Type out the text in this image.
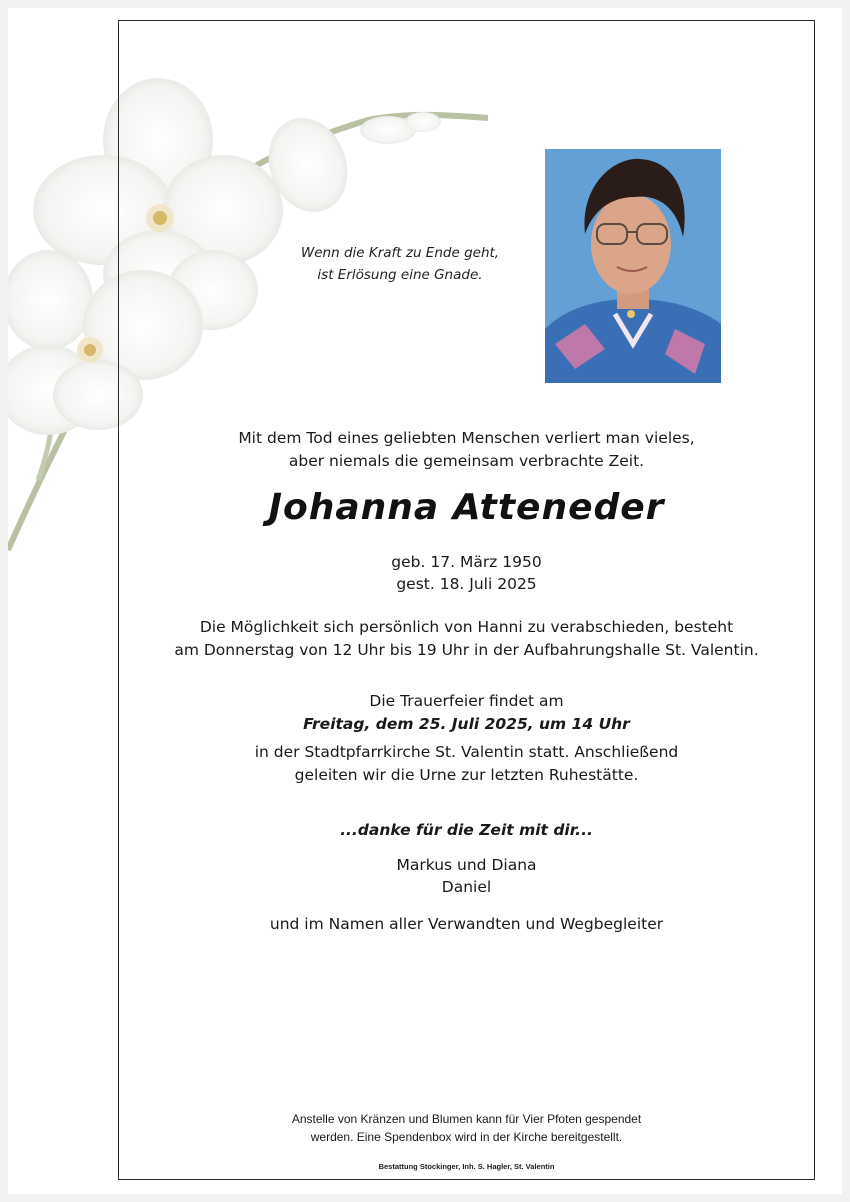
Wenn die Kraft zu Ende geht,
ist Erlösung eine Gnade.
Mit dem Tod eines geliebten Menschen verliert man vieles,
aber niemals die gemeinsam verbrachte Zeit.
Johanna Atteneder
geb. 17. März 1950
gest. 18. Juli 2025
Die Möglichkeit sich persönlich von Hanni zu verabschieden, besteht
am Donnerstag von 12 Uhr bis 19 Uhr in der Aufbahrungshalle St. Valentin.
Die Trauerfeier findet am
Freitag, dem 25. Juli 2025, um 14 Uhr
in der Stadtpfarrkirche St. Valentin statt. Anschließend
geleiten wir die Urne zur letzten Ruhestätte.
...danke für die Zeit mit dir...
Markus und Diana
Daniel
und im Namen aller Verwandten und Wegbegleiter
Anstelle von Kränzen und Blumen kann für Vier Pfoten gespendet
werden. Eine Spendenbox wird in der Kirche bereitgestellt.
Bestattung Stockinger, Inh. S. Hagler, St. Valentin
